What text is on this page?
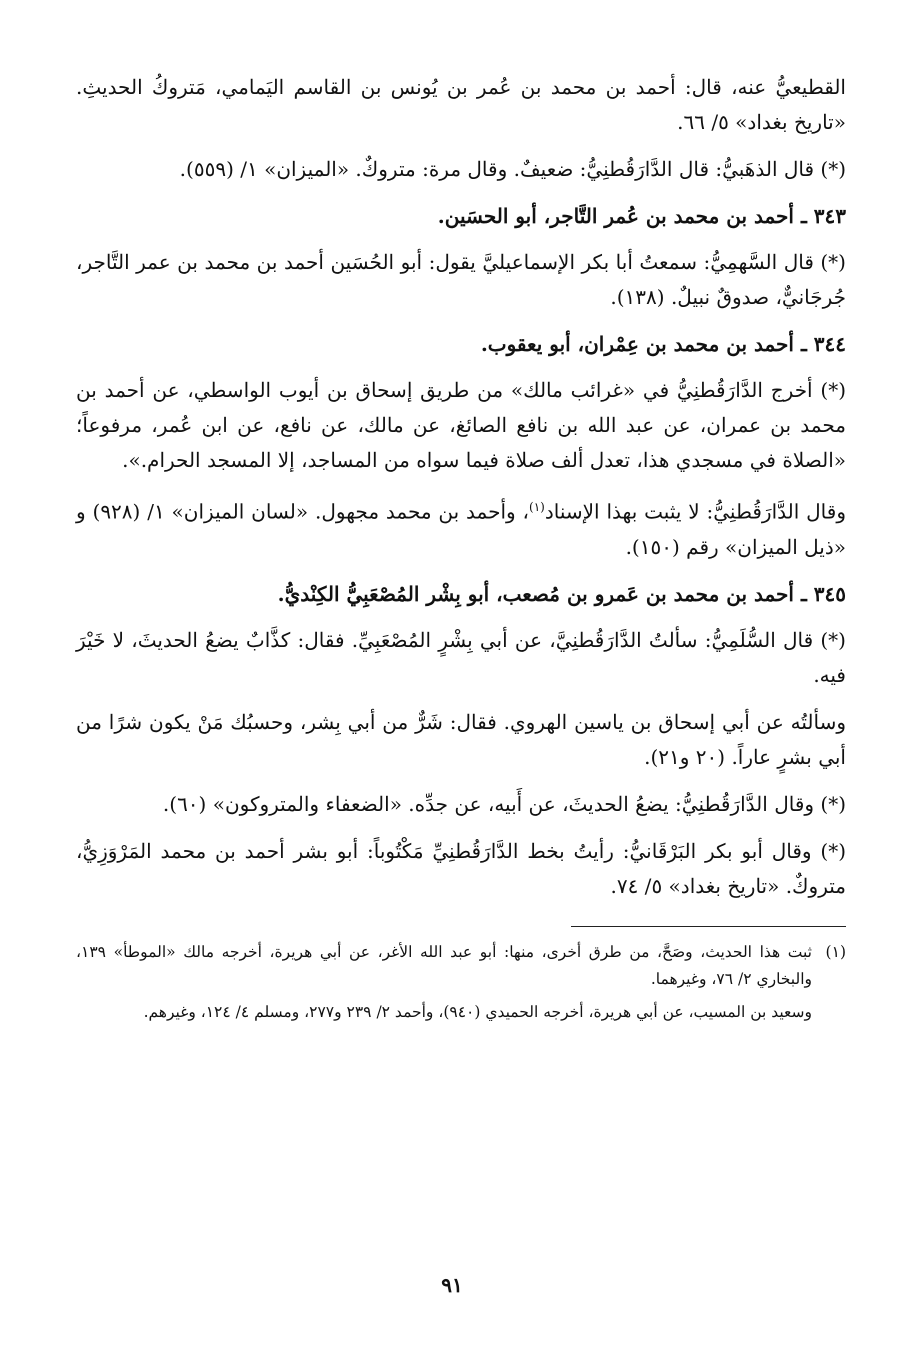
القطيعيُّ عنه، قال: أحمد بن محمد بن عُمر بن يُونس بن القاسم اليَمامي، مَتروكُ الحديثِ. «تاريخ بغداد» ٥/ ٦٦.

(*) قال الذهَبيُّ: قال الدَّارَقُطنِيُّ: ضعيفٌ. وقال مرة: متروكٌ. «الميزان» ١/ (٥٥٩).

٣٤٣ ـ أحمد بن محمد بن عُمر التَّاجر، أبو الحسَين.

(*) قال السَّهمِيُّ: سمعتُ أبا بكر الإسماعيليَّ يقول: أبو الحُسَين أحمد بن محمد بن عمر التَّاجر، جُرجَانيٌّ، صدوقٌ نبيلٌ. (١٣٨).

٣٤٤ ـ أحمد بن محمد بن عِمْران، أبو يعقوب.

(*) أخرج الدَّارَقُطنِيُّ في «غرائب مالك» من طريق إسحاق بن أيوب الواسطي، عن أحمد بن محمد بن عمران، عن عبد الله بن نافع الصائغ، عن مالك، عن نافع، عن ابن عُمر، مرفوعاً؛ «الصلاة في مسجدي هذا، تعدل ألف صلاة فيما سواه من المساجد، إلا المسجد الحرام.».

وقال الدَّارَقُطنِيُّ: لا يثبت بهذا الإسناد$^{(١)}$، وأحمد بن محمد مجهول. «لسان الميزان» ١/ (٩٢٨) و «ذيل الميزان» رقم (١٥٠).

٣٤٥ ـ أحمد بن محمد بن عَمرو بن مُصعب، أبو بِشْر المُصْعَبِيُّ الكِنْديُّ.

(*) قال السُّلَمِيُّ: سألتُ الدَّارَقُطنِيَّ، عن أبي بِشْرٍ المُصْعَبِيِّ. فقال: كذَّابٌ يضعُ الحديثَ، لا خَيْرَ فيه.

وسألتُه عن أبي إسحاق بن ياسين الهروي. فقال: شَرٌّ من أبي بِشر، وحسبُك مَنْ يكون شرًا من أبي بشرٍ عاراً. (٢٠ و٢١).

(*) وقال الدَّارَقُطنِيُّ: يضعُ الحديثَ، عن أَبيه، عن جدِّه. «الضعفاء والمتروكون» (٦٠).

(*) وقال أبو بكر البَرْقَانيُّ: رأيتُ بخط الدَّارَقُطنِيِّ مَكْتُوباً: أبو بشر أحمد بن محمد المَرْوَزِيُّ، متروكٌ. «تاريخ بغداد» ٥/ ٧٤.

(١)

ثبت هذا الحديث، وصَحَّ، من طرق أخرى، منها: أبو عبد الله الأغر، عن أبي هريرة، أخرجه مالك «الموطأ» ١٣٩، والبخاري ٢/ ٧٦، وغيرهما.

وسعيد بن المسيب، عن أبي هريرة، أخرجه الحميدي (٩٤٠)، وأحمد ٢/ ٢٣٩ و٢٧٧، ومسلم ٤/ ١٢٤، وغيرهم.

٩١
